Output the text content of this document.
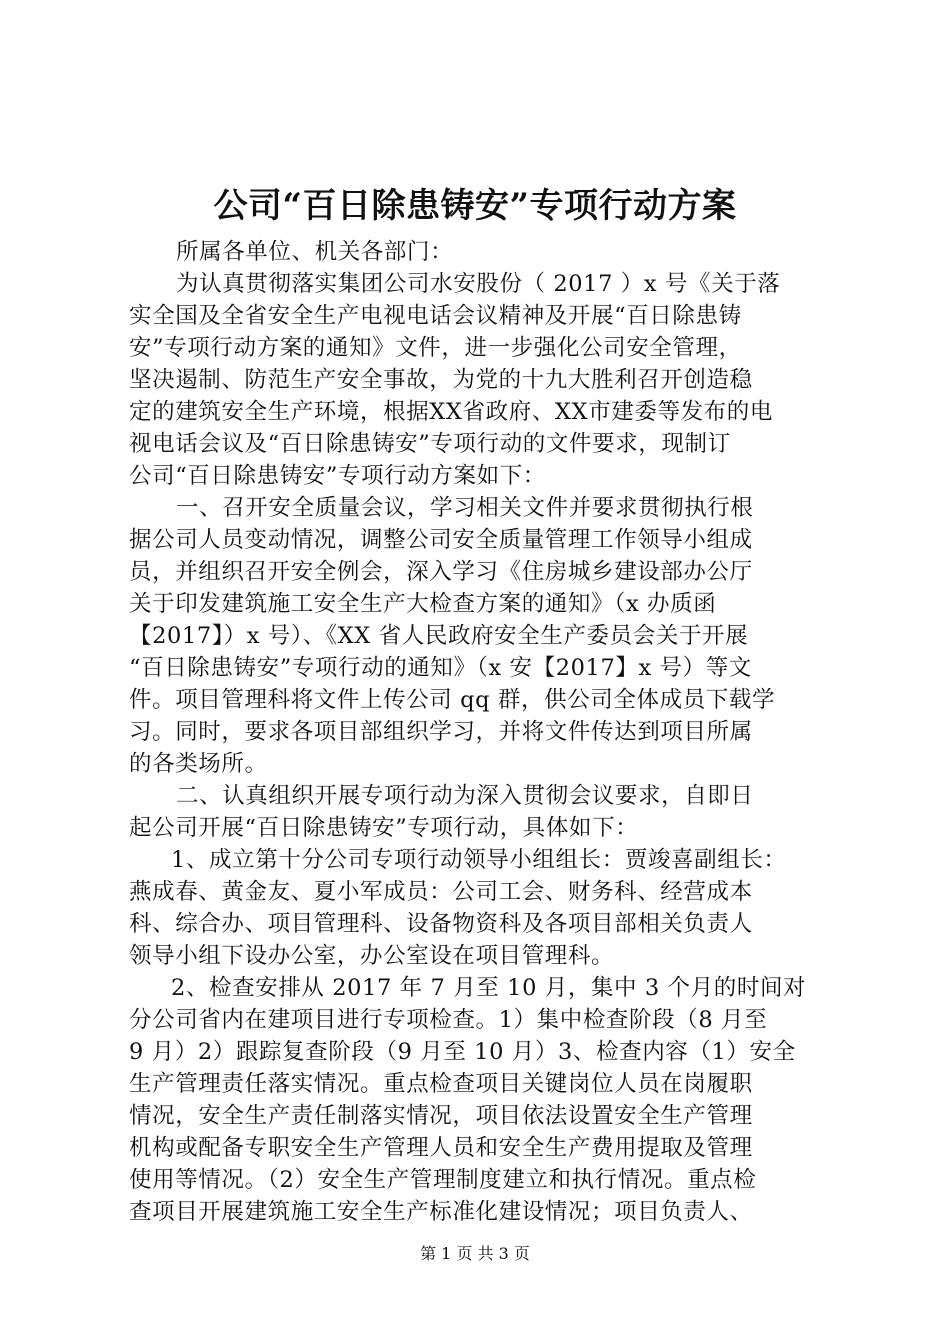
公司“百日除患铸安”专项行动方案
所属各单位、机关各部门：
为认真贯彻落实集团公司水安股份（ 2017 ）x 号《关于落
实全国及全省安全生产电视电话会议精神及开展“百日除患铸
安”专项行动方案的通知》文件，进一步强化公司安全管理，
坚决遏制、防范生产安全事故，为党的十九大胜利召开创造稳
定的建筑安全生产环境，根据XX省政府、XX市建委等发布的电
视电话会议及“百日除患铸安”专项行动的文件要求，现制订
公司“百日除患铸安”专项行动方案如下：
一、召开安全质量会议，学习相关文件并要求贯彻执行根
据公司人员变动情况，调整公司安全质量管理工作领导小组成
员，并组织召开安全例会，深入学习《住房城乡建设部办公厅
关于印发建筑施工安全生产大检查方案的通知》（x 办质函
【2017】）x 号）、《XX 省人民政府安全生产委员会关于开展
“百日除患铸安”专项行动的通知》（x 安【2017】x 号）等文
件。项目管理科将文件上传公司 qq 群，供公司全体成员下载学
习。同时，要求各项目部组织学习，并将文件传达到项目所属
的各类场所。
二、认真组织开展专项行动为深入贯彻会议要求，自即日
起公司开展“百日除患铸安”专项行动，具体如下：
1、成立第十分公司专项行动领导小组组长：贾竣喜副组长：
燕成春、黄金友、夏小军成员：公司工会、财务科、经营成本
科、综合办、项目管理科、设备物资科及各项目部相关负责人
领导小组下设办公室，办公室设在项目管理科。
2、检查安排从 2017 年 7 月至 10 月，集中 3 个月的时间对
分公司省内在建项目进行专项检查。1）集中检查阶段（8 月至
9 月）2）跟踪复查阶段（9 月至 10 月）3、检查内容（1）安全
生产管理责任落实情况。重点检查项目关键岗位人员在岗履职
情况，安全生产责任制落实情况，项目依法设置安全生产管理
机构或配备专职安全生产管理人员和安全生产费用提取及管理
使用等情况。（2）安全生产管理制度建立和执行情况。重点检
查项目开展建筑施工安全生产标准化建设情况；项目负责人、
第 1 页 共 3 页
